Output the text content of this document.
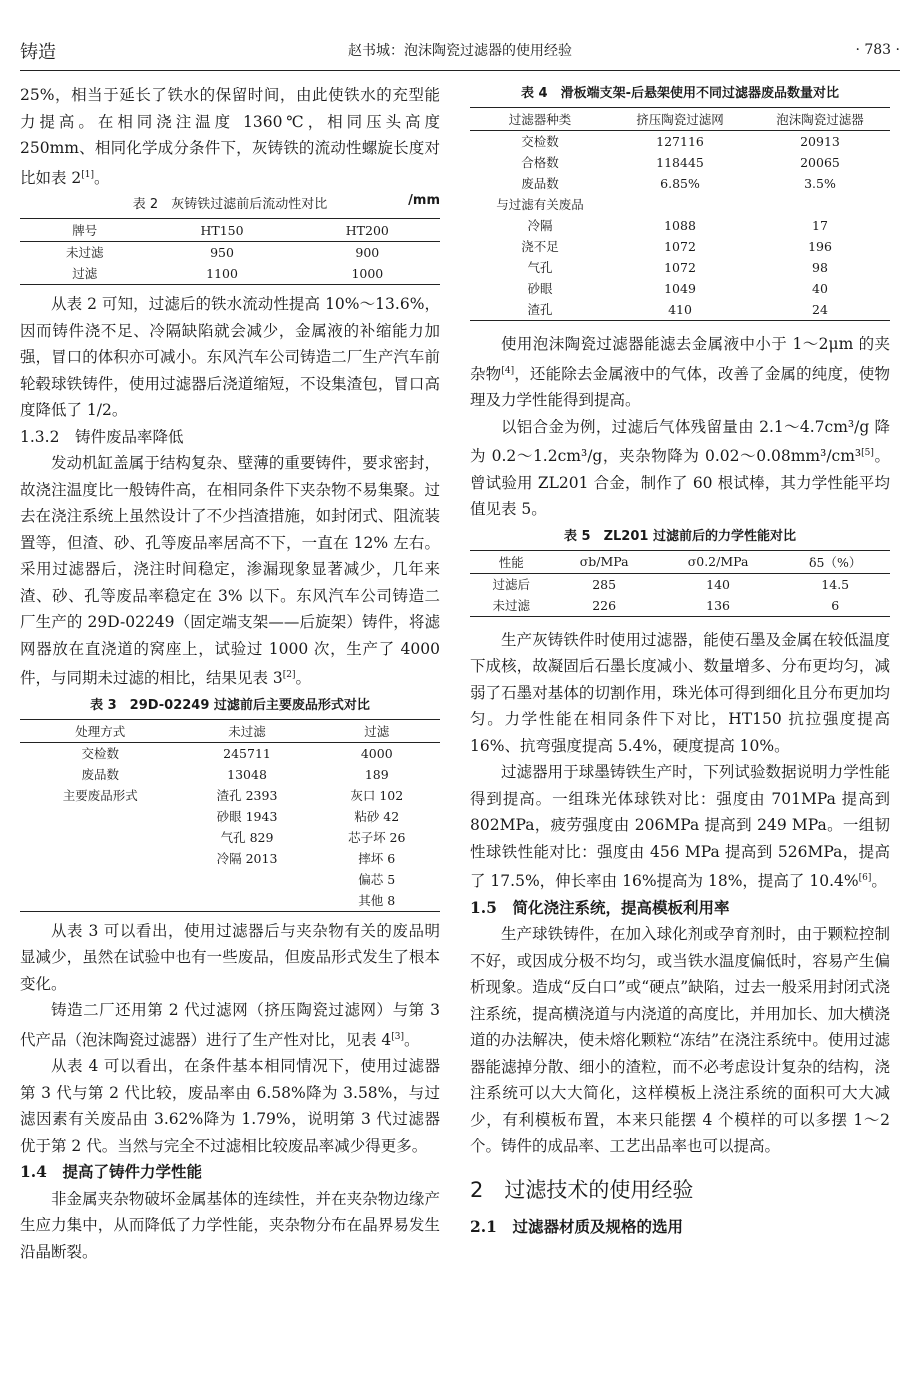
铸造	赵书城：泡沫陶瓷过滤器的使用经验	· 783 ·

25%，相当于延长了铁水的保留时间，由此使铁水的充型能力提高。在相同浇注温度 1360℃，相同压头高度 250mm、相同化学成分条件下，灰铸铁的流动性螺旋长度对比如表 2[1]。

表 2　灰铸铁过滤前后流动性对比	/mm
牌号	HT150	HT200
未过滤	950	900
过滤	1100	1000

从表 2 可知，过滤后的铁水流动性提高 10%～13.6%，因而铸件浇不足、冷隔缺陷就会减少，金属液的补缩能力加强，冒口的体积亦可减小。东风汽车公司铸造二厂生产汽车前轮毂球铁铸件，使用过滤器后浇道缩短，不设集渣包，冒口高度降低了 1/2。

1.3.2　铸件废品率降低

发动机缸盖属于结构复杂、壁薄的重要铸件，要求密封，故浇注温度比一般铸件高，在相同条件下夹杂物不易集聚。过去在浇注系统上虽然设计了不少挡渣措施，如封闭式、阻流装置等，但渣、砂、孔等废品率居高不下，一直在 12% 左右。采用过滤器后，浇注时间稳定，渗漏现象显著减少，几年来渣、砂、孔等废品率稳定在 3% 以下。东风汽车公司铸造二厂生产的 29D-02249（固定端支架——后旋架）铸件，将滤网器放在直浇道的窝座上，试验过 1000 次，生产了 4000 件，与同期未过滤的相比，结果见表 3[2]。

表 3　29D-02249 过滤前后主要废品形式对比
处理方式	未过滤	过滤
交检数	245711	4000
废品数	13048	189
主要废品形式	渣孔 2393	灰口 102
	砂眼 1943	粘砂 42
	气孔 829	芯子坏 26
	冷隔 2013	摔坏 6
		偏芯 5
		其他 8

从表 3 可以看出，使用过滤器后与夹杂物有关的废品明显减少，虽然在试验中也有一些废品，但废品形式发生了根本变化。

铸造二厂还用第 2 代过滤网（挤压陶瓷过滤网）与第 3 代产品（泡沫陶瓷过滤器）进行了生产性对比，见表 4[3]。

从表 4 可以看出，在条件基本相同情况下，使用过滤器第 3 代与第 2 代比较，废品率由 6.58%降为 3.58%，与过滤因素有关废品由 3.62%降为 1.79%，说明第 3 代过滤器优于第 2 代。当然与完全不过滤相比较废品率减少得更多。

1.4　提高了铸件力学性能

非金属夹杂物破坏金属基体的连续性，并在夹杂物边缘产生应力集中，从而降低了力学性能，夹杂物分布在晶界易发生沿晶断裂。

表 4　滑板端支架-后悬架使用不同过滤器废品数量对比
过滤器种类	挤压陶瓷过滤网	泡沫陶瓷过滤器
交检数	127116	20913
合格数	118445	20065
废品数	6.85%	3.5%
与过滤有关废品		
冷隔	1088	17
浇不足	1072	196
气孔	1072	98
砂眼	1049	40
渣孔	410	24

使用泡沫陶瓷过滤器能滤去金属液中小于 1～2μm 的夹杂物[4]，还能除去金属液中的气体，改善了金属的纯度，使物理及力学性能得到提高。

以铝合金为例，过滤后气体残留量由 2.1～4.7cm³/g 降为 0.2～1.2cm³/g，夹杂物降为 0.02～0.08mm³/cm³[5]。曾试验用 ZL201 合金，制作了 60 根试棒，其力学性能平均值见表 5。

表 5　ZL201 过滤前后的力学性能对比
性能	σb/MPa	σ0.2/MPa	δ5（%）
过滤后	285	140	14.5
未过滤	226	136	6

生产灰铸铁件时使用过滤器，能使石墨及金属在较低温度下成核，故凝固后石墨长度减小、数量增多、分布更均匀，减弱了石墨对基体的切割作用，珠光体可得到细化且分布更加均匀。力学性能在相同条件下对比，HT150 抗拉强度提高 16%、抗弯强度提高 5.4%，硬度提高 10%。

过滤器用于球墨铸铁生产时，下列试验数据说明力学性能得到提高。一组珠光体球铁对比：强度由 701MPa 提高到 802MPa，疲劳强度由 206MPa 提高到 249 MPa。一组韧性球铁性能对比：强度由 456 MPa 提高到 526MPa，提高了 17.5%，伸长率由 16%提高为 18%，提高了 10.4%[6]。

1.5　简化浇注系统，提高模板利用率

生产球铁铸件，在加入球化剂或孕育剂时，由于颗粒控制不好，或因成分极不均匀，或当铁水温度偏低时，容易产生偏析现象。造成“反白口”或“硬点”缺陷，过去一般采用封闭式浇注系统，提高横浇道与内浇道的高度比，并用加长、加大横浇道的办法解决，使未熔化颗粒“冻结”在浇注系统中。使用过滤器能滤掉分散、细小的渣粒，而不必考虑设计复杂的结构，浇注系统可以大大简化，这样模板上浇注系统的面积可大大减少，有利模板布置，本来只能摆 4 个模样的可以多摆 1～2 个。铸件的成品率、工艺出品率也可以提高。

2　过滤技术的使用经验
2.1　过滤器材质及规格的选用
